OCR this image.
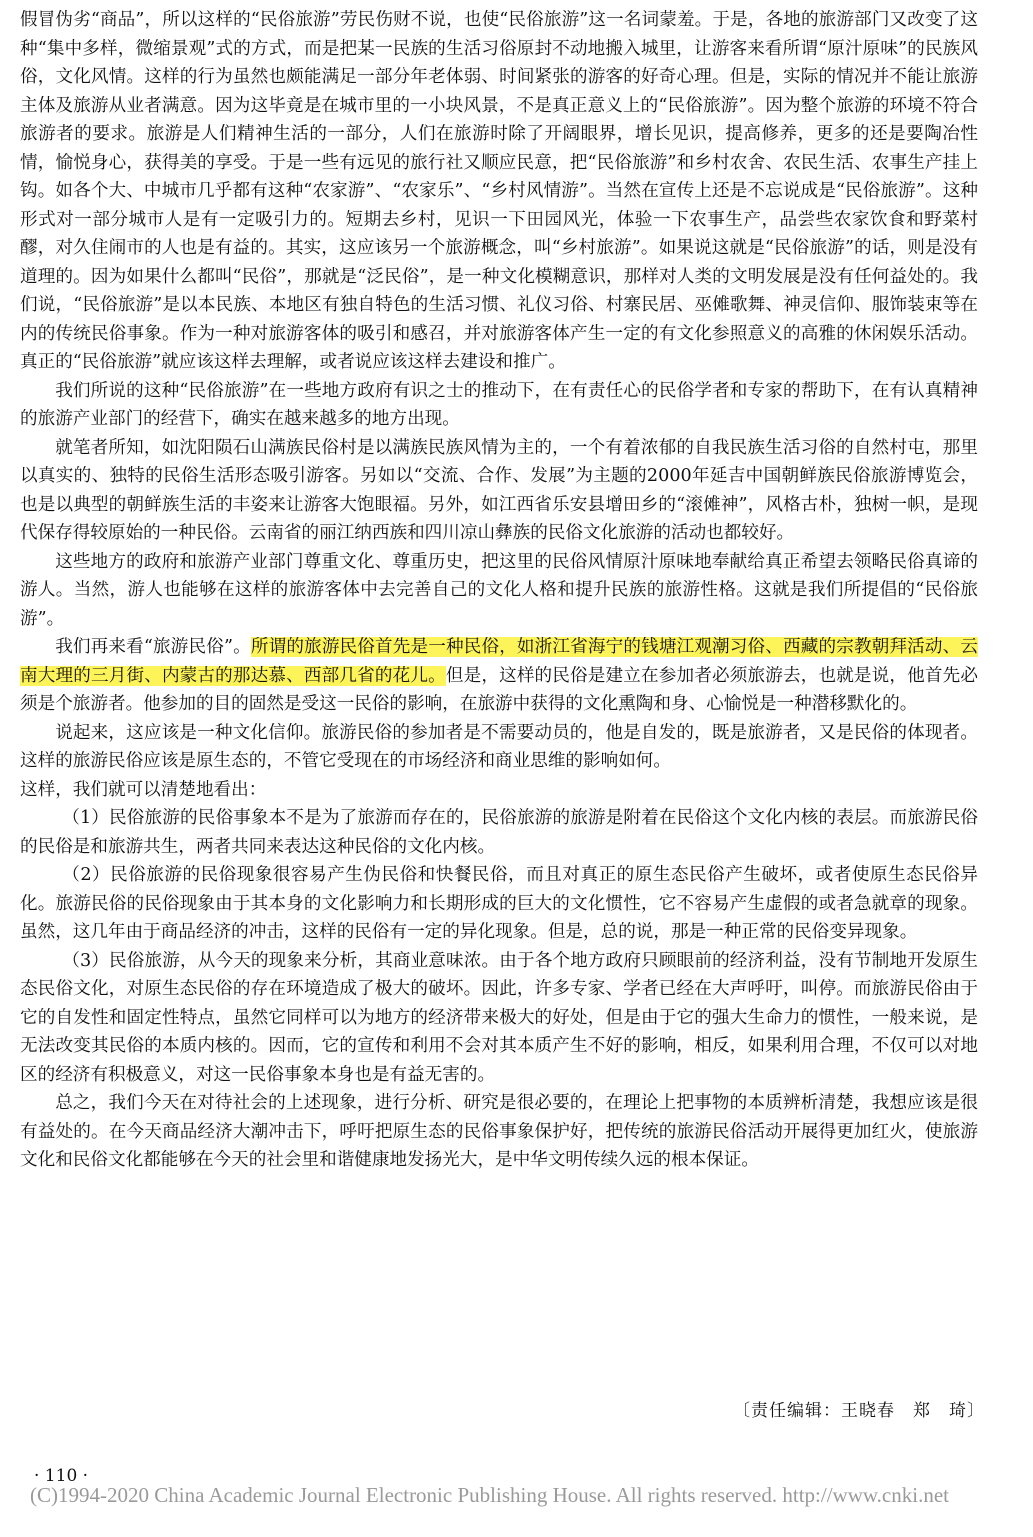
假冒伪劣“商品”，所以这样的“民俗旅游”劳民伤财不说，也使“民俗旅游”这一名词蒙羞。于是，各地的旅游部门又改变了这种“集中多样，微缩景观”式的方式，而是把某一民族的生活习俗原封不动地搬入城里，让游客来看所谓“原汁原味”的民族风俗，文化风情。这样的行为虽然也颇能满足一部分年老体弱、时间紧张的游客的好奇心理。但是，实际的情况并不能让旅游主体及旅游从业者满意。因为这毕竟是在城市里的一小块风景，不是真正意义上的“民俗旅游”。因为整个旅游的环境不符合旅游者的要求。旅游是人们精神生活的一部分，人们在旅游时除了开阔眼界，增长见识，提高修养，更多的还是要陶冶性情，愉悦身心，获得美的享受。于是一些有远见的旅行社又顺应民意，把“民俗旅游”和乡村农舍、农民生活、农事生产挂上钩。如各个大、中城市几乎都有这种“农家游”、“农家乐”、“乡村风情游”。当然在宣传上还是不忘说成是“民俗旅游”。这种形式对一部分城市人是有一定吸引力的。短期去乡村，见识一下田园风光，体验一下农事生产，品尝些农家饮食和野菜村醪，对久住闹市的人也是有益的。其实，这应该另一个旅游概念，叫“乡村旅游”。如果说这就是“民俗旅游”的话，则是没有道理的。因为如果什么都叫“民俗”，那就是“泛民俗”，是一种文化模糊意识，那样对人类的文明发展是没有任何益处的。我们说，“民俗旅游”是以本民族、本地区有独自特色的生活习惯、礼仪习俗、村寨民居、巫傩歌舞、神灵信仰、服饰装束等在内的传统民俗事象。作为一种对旅游客体的吸引和感召，并对旅游客体产生一定的有文化参照意义的高雅的休闲娱乐活动。真正的“民俗旅游”就应该这样去理解，或者说应该这样去建设和推广。

我们所说的这种“民俗旅游”在一些地方政府有识之士的推动下，在有责任心的民俗学者和专家的帮助下，在有认真精神的旅游产业部门的经营下，确实在越来越多的地方出现。

就笔者所知，如沈阳陨石山满族民俗村是以满族民族风情为主的，一个有着浓郁的自我民族生活习俗的自然村屯，那里以真实的、独特的民俗生活形态吸引游客。另如以“交流、合作、发展”为主题的2000年延吉中国朝鲜族民俗旅游博览会，也是以典型的朝鲜族生活的丰姿来让游客大饱眼福。另外，如江西省乐安县增田乡的“滚傩神”，风格古朴，独树一帜，是现代保存得较原始的一种民俗。云南省的丽江纳西族和四川凉山彝族的民俗文化旅游的活动也都较好。

这些地方的政府和旅游产业部门尊重文化、尊重历史，把这里的民俗风情原汁原味地奉献给真正希望去领略民俗真谛的游人。当然，游人也能够在这样的旅游客体中去完善自己的文化人格和提升民族的旅游性格。这就是我们所提倡的“民俗旅游”。

我们再来看“旅游民俗”。所谓的旅游民俗首先是一种民俗，如浙江省海宁的钱塘江观潮习俗、西藏的宗教朝拜活动、云南大理的三月街、内蒙古的那达慕、西部几省的花儿。但是，这样的民俗是建立在参加者必须旅游去，也就是说，他首先必须是个旅游者。他参加的目的固然是受这一民俗的影响，在旅游中获得的文化熏陶和身、心愉悦是一种潜移默化的。

说起来，这应该是一种文化信仰。旅游民俗的参加者是不需要动员的，他是自发的，既是旅游者，又是民俗的体现者。这样的旅游民俗应该是原生态的，不管它受现在的市场经济和商业思维的影响如何。

这样，我们就可以清楚地看出：

（1）民俗旅游的民俗事象本不是为了旅游而存在的，民俗旅游的旅游是附着在民俗这个文化内核的表层。而旅游民俗的民俗是和旅游共生，两者共同来表达这种民俗的文化内核。

（2）民俗旅游的民俗现象很容易产生伪民俗和快餐民俗，而且对真正的原生态民俗产生破坏，或者使原生态民俗异化。旅游民俗的民俗现象由于其本身的文化影响力和长期形成的巨大的文化惯性，它不容易产生虚假的或者急就章的现象。虽然，这几年由于商品经济的冲击，这样的民俗有一定的异化现象。但是，总的说，那是一种正常的民俗变异现象。

（3）民俗旅游，从今天的现象来分析，其商业意味浓。由于各个地方政府只顾眼前的经济利益，没有节制地开发原生态民俗文化，对原生态民俗的存在环境造成了极大的破坏。因此，许多专家、学者已经在大声呼吁，叫停。而旅游民俗由于它的自发性和固定性特点，虽然它同样可以为地方的经济带来极大的好处，但是由于它的强大生命力的惯性，一般来说，是无法改变其民俗的本质内核的。因而，它的宣传和利用不会对其本质产生不好的影响，相反，如果利用合理，不仅可以对地区的经济有积极意义，对这一民俗事象本身也是有益无害的。

总之，我们今天在对待社会的上述现象，进行分析、研究是很必要的，在理论上把事物的本质辨析清楚，我想应该是很有益处的。在今天商品经济大潮冲击下，呼吁把原生态的民俗事象保护好，把传统的旅游民俗活动开展得更加红火，使旅游文化和民俗文化都能够在今天的社会里和谐健康地发扬光大，是中华文明传续久远的根本保证。

〔责任编辑：王晓春　郑　琦〕
· 110 ·
(C)1994-2020 China Academic Journal Electronic Publishing House. All rights reserved. http://www.cnki.net
